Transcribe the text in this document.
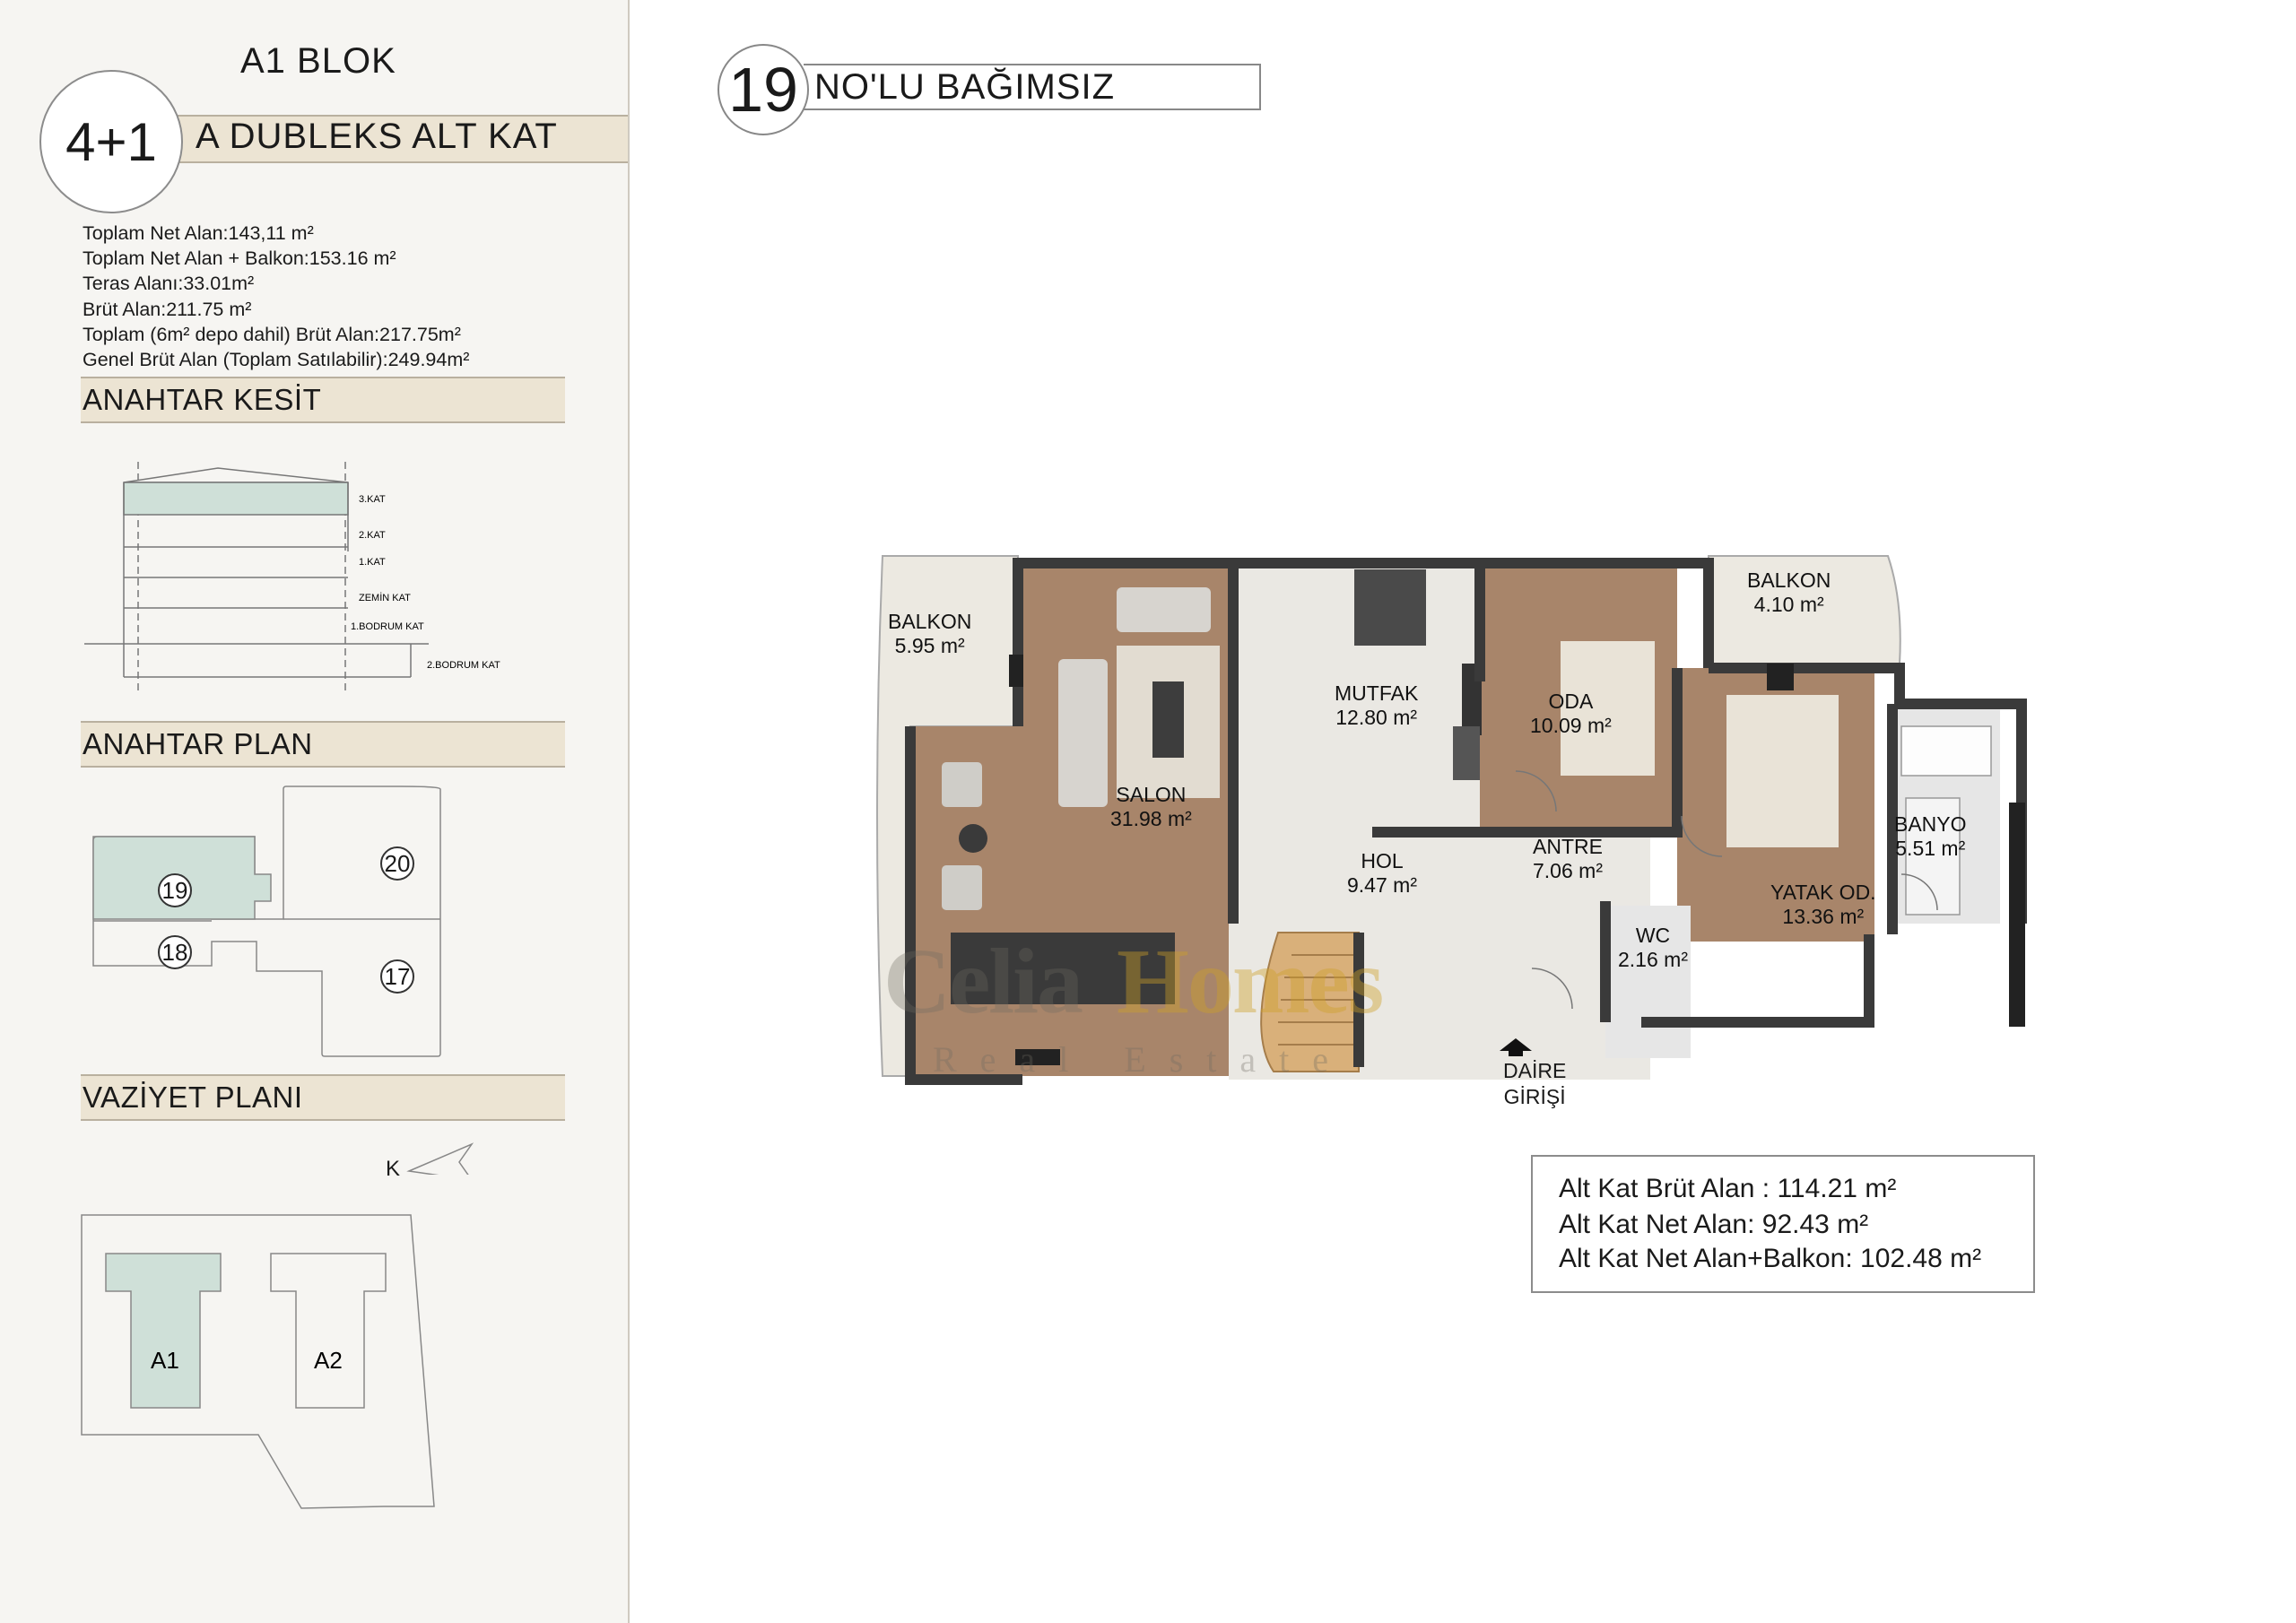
A1 BLOK
4+1 A DUBLEKS ALT KAT
Toplam Net Alan:143,11 m²
Toplam Net Alan + Balkon:153.16 m²
Teras Alanı:33.01m²
Brüt Alan:211.75 m²
Toplam (6m² depo dahil) Brüt Alan:217.75m²
Genel Brüt Alan (Toplam Satılabilir):249.94m²
ANAHTAR KESİT
3.KAT
2.KAT
1.KAT
ZEMİN KAT
1.BODRUM KAT
2.BODRUM KAT
ANAHTAR PLAN
19
20
18
17
VAZİYET PLANI
K
A1	A2
19 NO'LU BAĞIMSIZ
Celia Homes
Real Estate
BALKON
5.95 m²
SALON
31.98 m²
MUTFAK
12.80 m²
ODA
10.09 m²
BALKON
4.10 m²
HOL
9.47 m²
ANTRE
7.06 m²
WC
2.16 m²
YATAK OD.
13.36 m²
BANYO
5.51 m²
DAİRE
GİRİŞİ
Alt Kat Brüt Alan : 114.21 m²
Alt Kat Net Alan: 92.43 m²
Alt Kat Net Alan+Balkon: 102.48 m²
